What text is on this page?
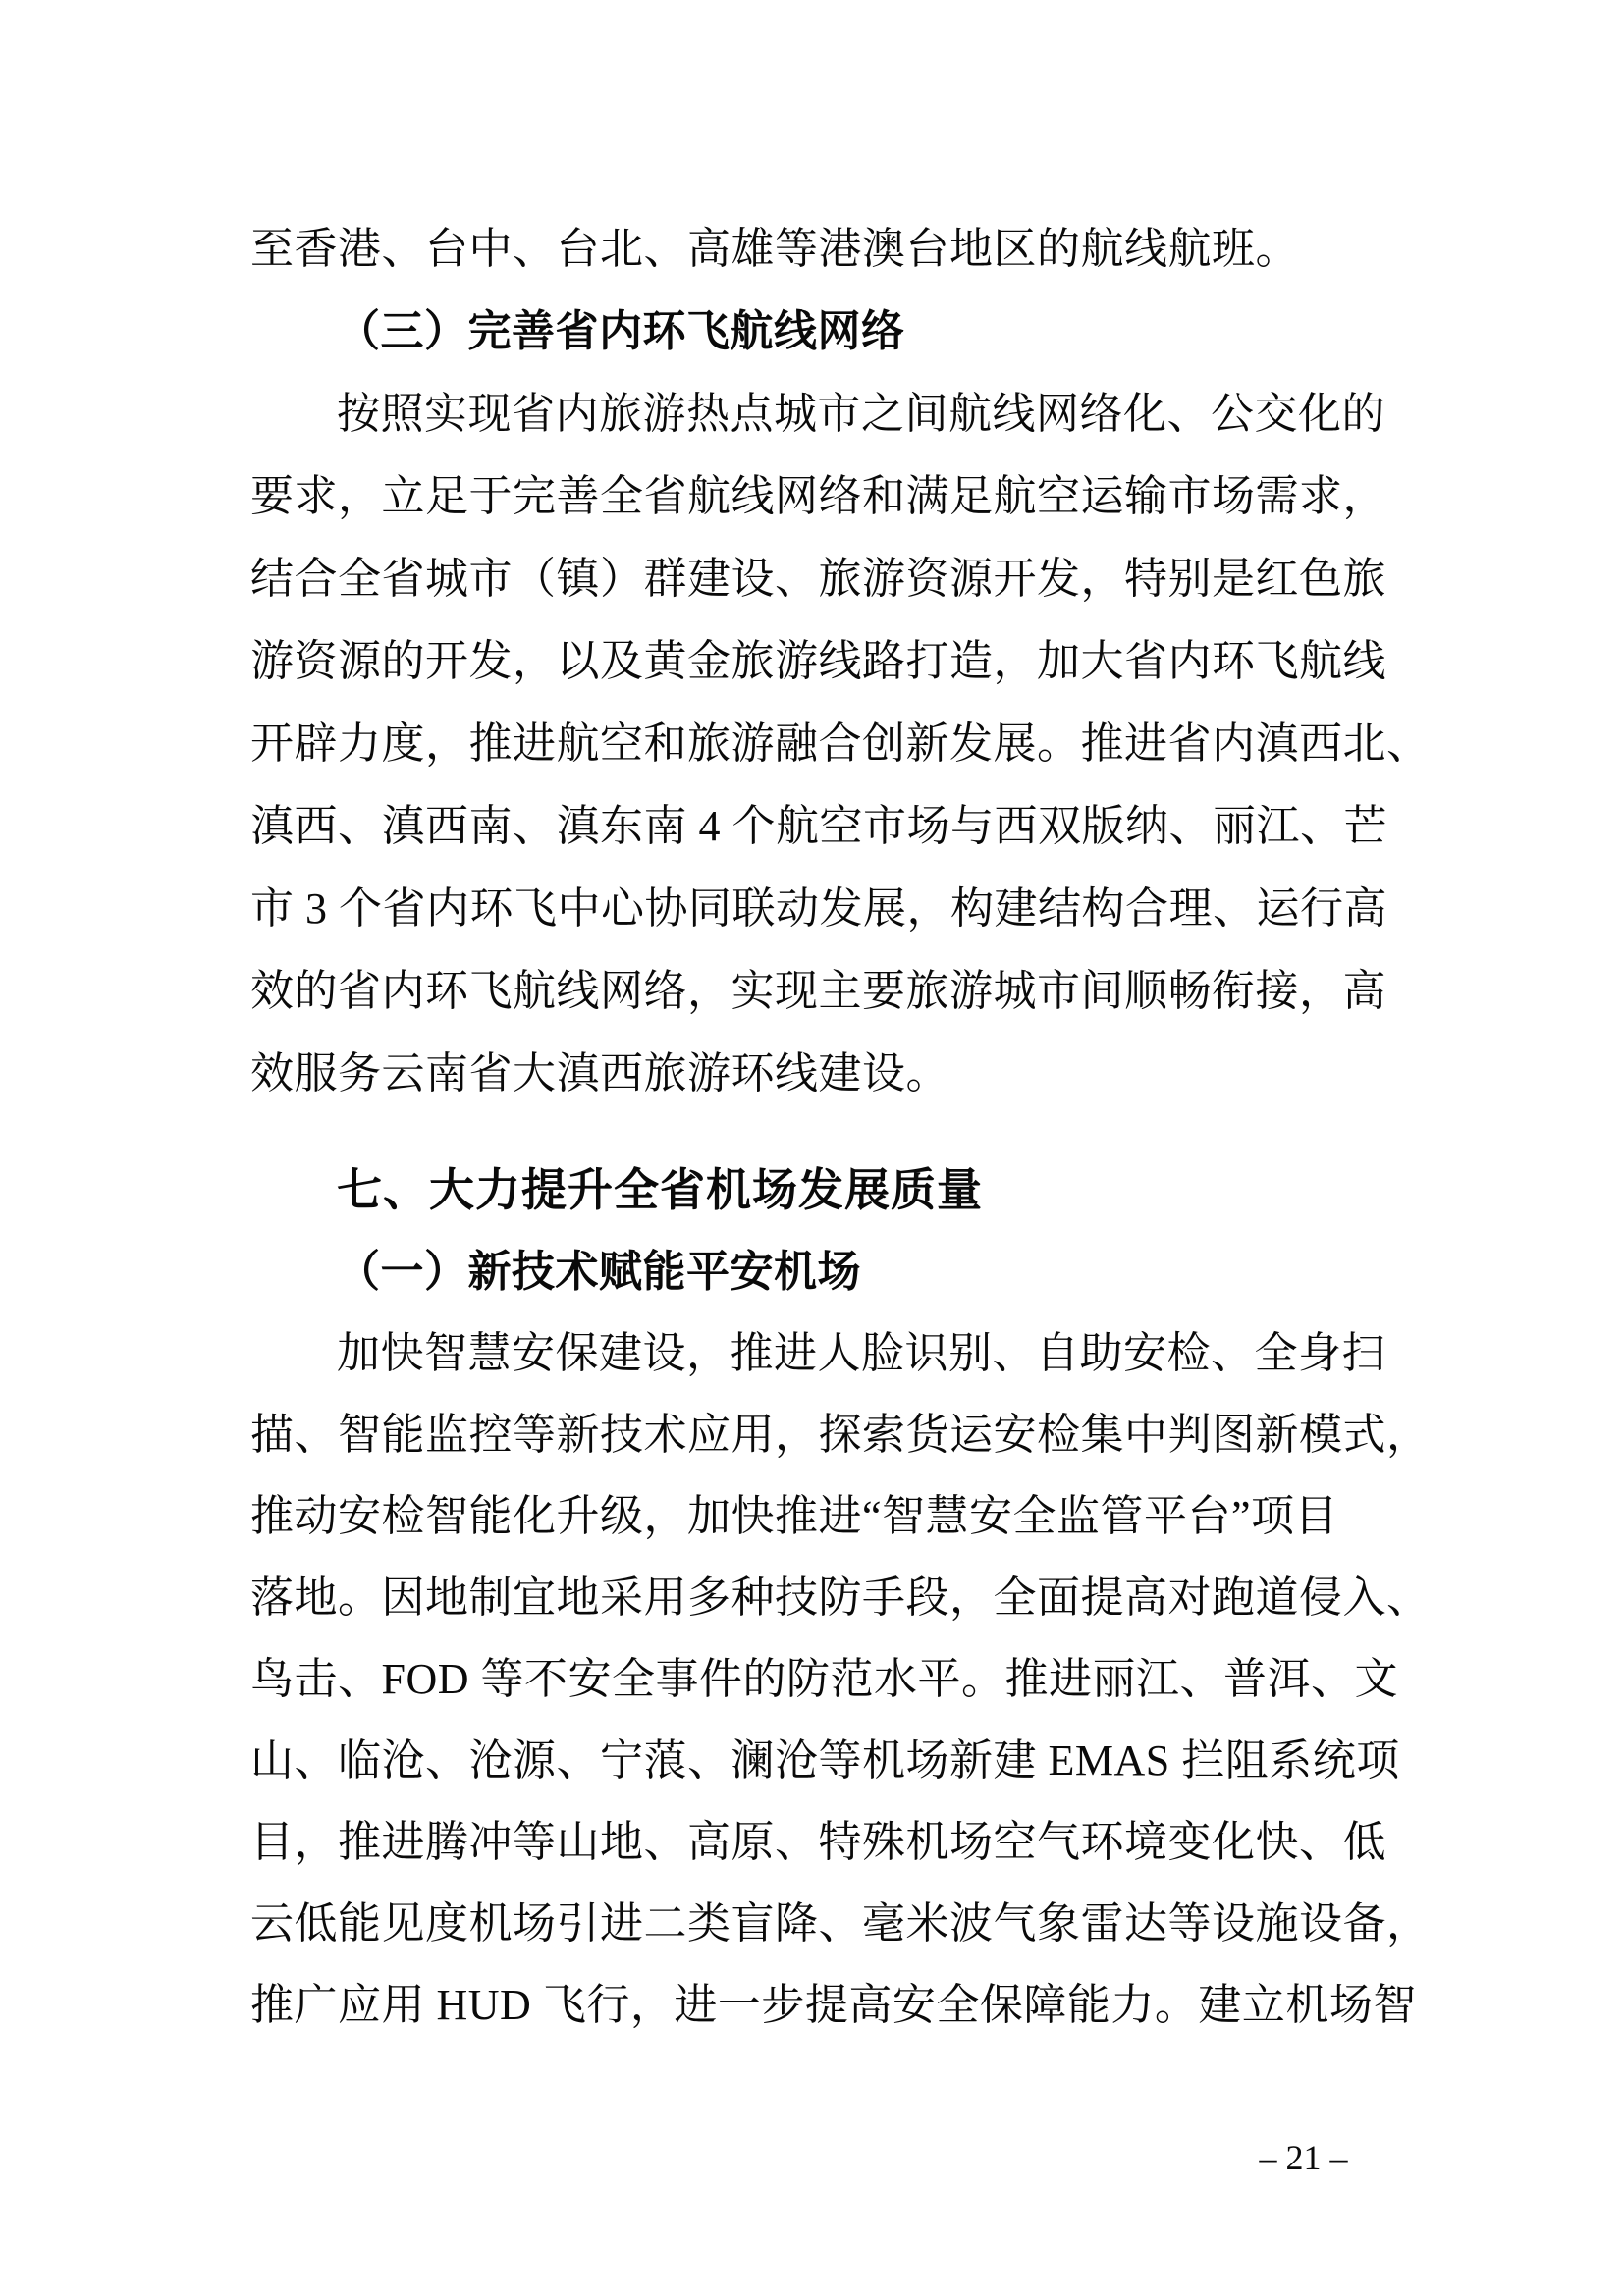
至香港、台中、台北、高雄等港澳台地区的航线航班。
（三）完善省内环飞航线网络
按照实现省内旅游热点城市之间航线网络化、公交化的
要求，立足于完善全省航线网络和满足航空运输市场需求，
结合全省城市（镇）群建设、旅游资源开发，特别是红色旅
游资源的开发，以及黄金旅游线路打造，加大省内环飞航线
开辟力度，推进航空和旅游融合创新发展。推进省内滇西北、
滇西、滇西南、滇东南 4 个航空市场与西双版纳、丽江、芒
市 3 个省内环飞中心协同联动发展，构建结构合理、运行高
效的省内环飞航线网络，实现主要旅游城市间顺畅衔接，高
效服务云南省大滇西旅游环线建设。
七、大力提升全省机场发展质量
（一）新技术赋能平安机场
加快智慧安保建设，推进人脸识别、自助安检、全身扫
描、智能监控等新技术应用，探索货运安检集中判图新模式，
推动安检智能化升级，加快推进“智慧安全监管平台”项目
落地。因地制宜地采用多种技防手段，全面提高对跑道侵入、
鸟击、FOD 等不安全事件的防范水平。推进丽江、普洱、文
山、临沧、沧源、宁蒗、澜沧等机场新建 EMAS 拦阻系统项
目，推进腾冲等山地、高原、特殊机场空气环境变化快、低
云低能见度机场引进二类盲降、毫米波气象雷达等设施设备，
推广应用 HUD 飞行，进一步提高安全保障能力。建立机场智
– 21 –
